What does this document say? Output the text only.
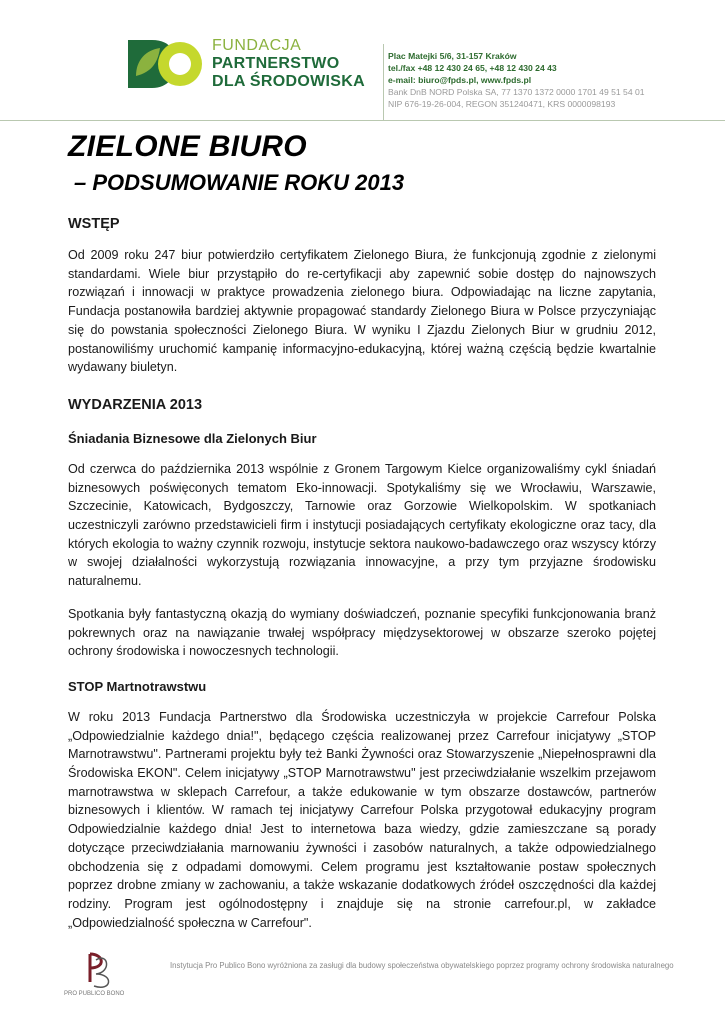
FUNDACJA
PARTNERSTWO
DLA ŚRODOWISKA
Plac Matejki 5/6, 31-157 Kraków
tel./fax +48 12 430 24 65, +48 12 430 24 43
e-mail: biuro@fpds.pl, www.fpds.pl
Bank DnB NORD Polska SA, 77 1370 1372 0000 1701 49 51 54 01
NIP 676-19-26-004, REGON 351240471, KRS 0000098193
ZIELONE BIURO
– PODSUMOWANIE ROKU 2013
WSTĘP

Od 2009 roku 247 biur potwierdziło certyfikatem Zielonego Biura, że funkcjonują zgodnie z zielonymi standardami. Wiele biur przystąpiło do re-certyfikacji aby zapewnić sobie dostęp do najnowszych rozwiązań i innowacji w praktyce prowadzenia zielonego biura. Odpowiadając na liczne zapytania, Fundacja postanowiła bardziej aktywnie propagować standardy Zielonego Biura w Polsce przyczyniając się do powstania społeczności Zielonego Biura. W wyniku I Zjazdu Zielonych Biur w grudniu 2012, postanowiliśmy uruchomić kampanię informacyjno-edukacyjną, której ważną częścią będzie kwartalnie wydawany biuletyn.

WYDARZENIA 2013
Śniadania Biznesowe dla Zielonych Biur

Od czerwca do października 2013 wspólnie z Gronem Targowym Kielce organizowaliśmy cykl śniadań biznesowych poświęconych tematom Eko-innowacji. Spotykaliśmy się we Wrocławiu, Warszawie, Szczecinie, Katowicach, Bydgoszczy, Tarnowie oraz Gorzowie Wielkopolskim. W spotkaniach uczestniczyli zarówno przedstawicieli firm i instytucji posiadających certyfikaty ekologiczne oraz tacy, dla których ekologia to ważny czynnik rozwoju, instytucje sektora naukowo-badawczego oraz wszyscy którzy w swojej działalności wykorzystują rozwiązania innowacyjne, a przy tym przyjazne środowisku naturalnemu.

Spotkania były fantastyczną okazją do wymiany doświadczeń, poznanie specyfiki funkcjonowania branż pokrewnych oraz na nawiązanie trwałej współpracy międzysektorowej w obszarze szeroko pojętej ochrony środowiska i nowoczesnych technologii.

STOP Martnotrawstwu

W roku 2013 Fundacja Partnerstwo dla Środowiska uczestniczyła w projekcie Carrefour Polska „Odpowiedzialnie każdego dnia!", będącego częścia realizowanej przez Carrefour inicjatywy „STOP Marnotrawstwu". Partnerami projektu były też Banki Żywności oraz Stowarzyszenie „Niepełnosprawni dla Środowiska EKON". Celem inicjatywy „STOP Marnotrawstwu" jest przeciwdziałanie wszelkim przejawom marnotrawstwa w sklepach Carrefour, a także edukowanie w tym obszarze dostawców, partnerów biznesowych i klientów. W ramach tej inicjatywy Carrefour Polska przygotował edukacyjny program Odpowiedzialnie każdego dnia! Jest to internetowa baza wiedzy, gdzie zamieszczane są porady dotyczące przeciwdziałania marnowaniu żywności i zasobów naturalnych, a także odpowiedzialnego obchodzenia się z odpadami domowymi. Celem programu jest kształtowanie postaw społecznych poprzez drobne zmiany w zachowaniu, a także wskazanie dodatkowych źródeł oszczędności dla każdej rodziny. Program jest ogólnodostępny i znajduje się na stronie carrefour.pl, w zakładce „Odpowiedzialność społeczna w Carrefour".

PRO PUBLICO BONO
Instytucja Pro Publico Bono wyróżniona za zasługi dla budowy społeczeństwa obywatelskiego poprzez programy ochrony środowiska naturalnego
